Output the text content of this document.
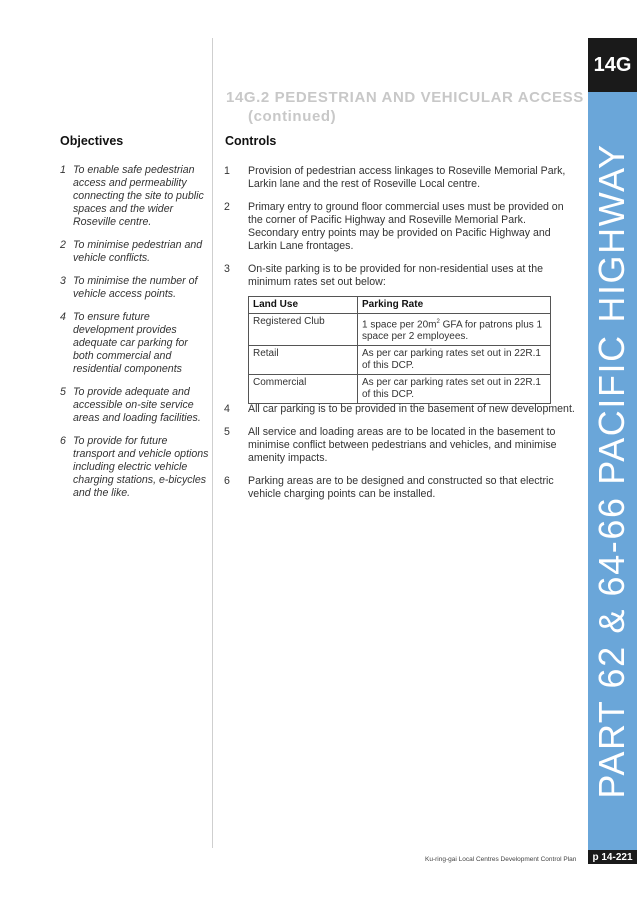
14G.2 PEDESTRIAN AND VEHICULAR ACCESS
(continued)
Objectives	Controls
1 To enable safe pedestrian access and permeability connecting the site to public spaces and the wider Roseville centre.
2 To minimise pedestrian and vehicle conflicts.
3 To minimise the number of vehicle access points.
4 To ensure future development provides adequate car parking for both commercial and residential components
5 To provide adequate and accessible on-site service areas and loading facilities.
6 To provide for future transport and vehicle options including electric vehicle charging stations, e-bicycles and the like.
1	Provision of pedestrian access linkages to Roseville Memorial Park, Larkin lane and the rest of Roseville Local centre.
2	Primary entry to ground floor commercial uses must be provided on the corner of Pacific Highway and Roseville Memorial Park. Secondary entry points may be provided on Pacific Highway and Larkin Lane frontages.
3	On-site parking is to be provided for non-residential uses at the minimum rates set out below:
Land Use	Parking Rate
Registered Club	1 space per $20m^2$ GFA for patrons plus 1 space per 2 employees.
Retail	As per car parking rates set out in 22R.1 of this DCP.
Commercial	As per car parking rates set out in 22R.1 of this DCP.
4	All car parking is to be provided in the basement of new development.
5	All service and loading areas are to be located in the basement to minimise conflict between pedestrians and vehicles, and minimise amenity impacts.
6	Parking areas are to be designed and constructed so that electric vehicle charging points can be installed.
14G
PART 62 & 64-66 PACIFIC HIGHWAY
Ku-ring-gai Local Centres Development Control Plan	p 14-221
